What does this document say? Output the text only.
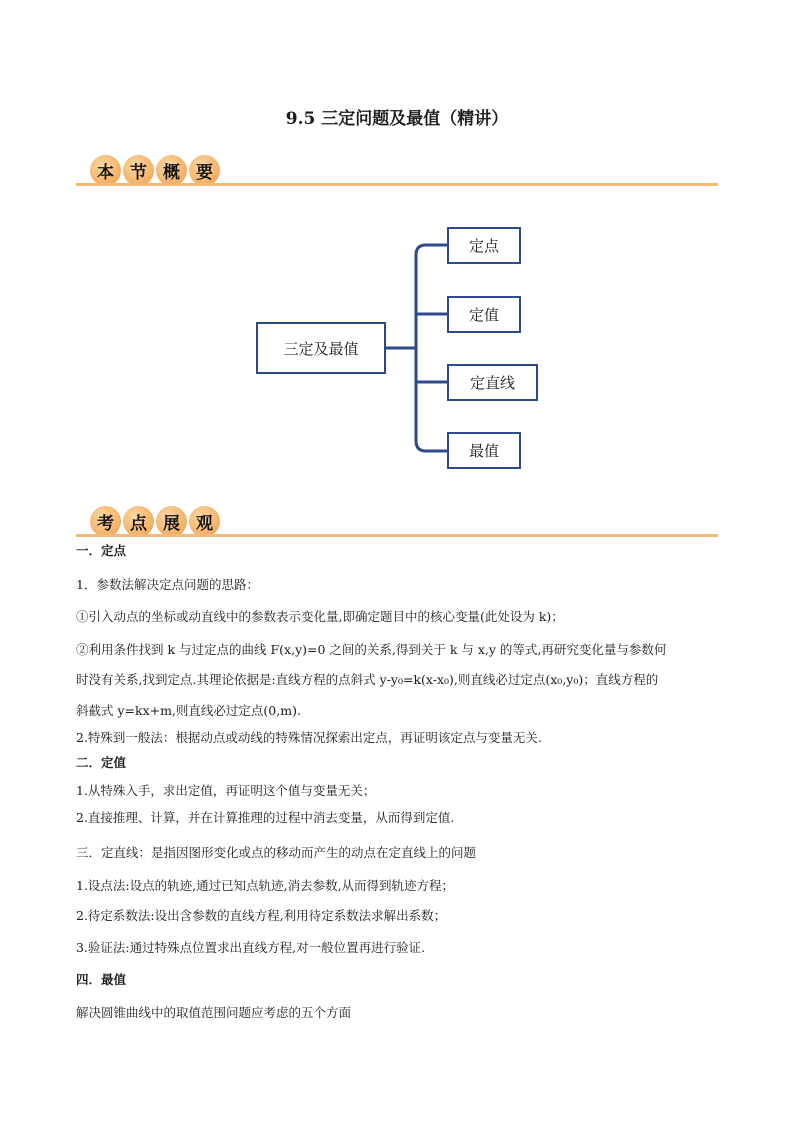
9.5 三定问题及最值（精讲）
本 节 概 要
三定及最值
定点
定值
定直线
最值
考 点 展 观
一．定点
1．参数法解决定点问题的思路：
①引入动点的坐标或动直线中的参数表示变化量,即确定题目中的核心变量(此处设为 k)；
②利用条件找到 k 与过定点的曲线 F(x,y)=0 之间的关系,得到关于 k 与 x,y 的等式,再研究变化量与参数何
时没有关系,找到定点.其理论依据是:直线方程的点斜式 y-y₀=k(x-x₀),则直线必过定点(x₀,y₀)；直线方程的
斜截式 y=kx+m,则直线必过定点(0,m).
2.特殊到一般法：根据动点或动线的特殊情况探索出定点，再证明该定点与变量无关.
二．定值
1.从特殊入手，求出定值，再证明这个值与变量无关；
2.直接推理、计算，并在计算推理的过程中消去变量，从而得到定值.
三．定直线：是指因图形变化或点的移动而产生的动点在定直线上的问题
1.设点法:设点的轨迹,通过已知点轨迹,消去参数,从而得到轨迹方程；
2.待定系数法:设出含参数的直线方程,利用待定系数法求解出系数；
3.验证法:通过特殊点位置求出直线方程,对一般位置再进行验证.
四．最值
解决圆锥曲线中的取值范围问题应考虑的五个方面
